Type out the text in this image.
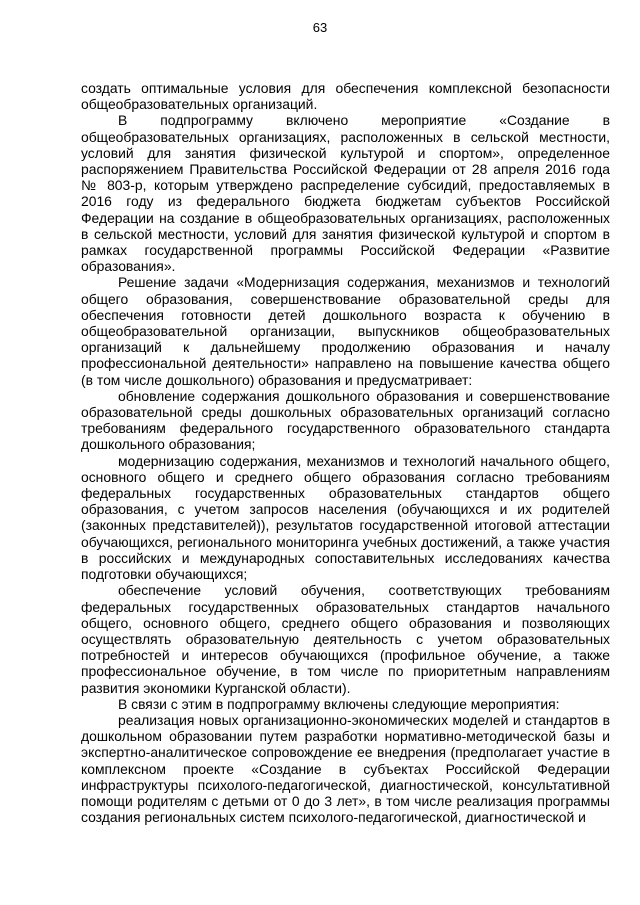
63

создать оптимальные условия для обеспечения комплексной безопасности общеобразовательных организаций.

В подпрограмму включено мероприятие «Создание в общеобразовательных организациях, расположенных в сельской местности, условий для занятия физической культурой и спортом», определенное распоряжением Правительства Российской Федерации от 28 апреля 2016 года № 803-р, которым утверждено распределение субсидий, предоставляемых в 2016 году из федерального бюджета бюджетам субъектов Российской Федерации на создание в общеобразовательных организациях, расположенных в сельской местности, условий для занятия физической культурой и спортом в рамках государственной программы Российской Федерации «Развитие образования».

Решение задачи «Модернизация содержания, механизмов и технологий общего образования, совершенствование образовательной среды для обеспечения готовности детей дошкольного возраста к обучению в общеобразовательной организации, выпускников общеобразовательных организаций к дальнейшему продолжению образования и началу профессиональной деятельности» направлено на повышение качества общего (в том числе дошкольного) образования и предусматривает:

обновление содержания дошкольного образования и совершенствование образовательной среды дошкольных образовательных организаций согласно требованиям федерального государственного образовательного стандарта дошкольного образования;

модернизацию содержания, механизмов и технологий начального общего, основного общего и среднего общего образования согласно требованиям федеральных государственных образовательных стандартов общего образования, с учетом запросов населения (обучающихся и их родителей (законных представителей)), результатов государственной итоговой аттестации обучающихся, регионального мониторинга учебных достижений, а также участия в российских и международных сопоставительных исследованиях качества подготовки обучающихся;

обеспечение условий обучения, соответствующих требованиям федеральных государственных образовательных стандартов начального общего, основного общего, среднего общего образования и позволяющих осуществлять образовательную деятельность с учетом образовательных потребностей и интересов обучающихся (профильное обучение, а также профессиональное обучение, в том числе по приоритетным направлениям развития экономики Курганской области).

В связи с этим в подпрограмму включены следующие мероприятия:

реализация новых организационно-экономических моделей и стандартов в дошкольном образовании путем разработки нормативно-методической базы и экспертно-аналитическое сопровождение ее внедрения (предполагает участие в комплексном проекте «Создание в субъектах Российской Федерации инфраструктуры психолого-педагогической, диагностической, консультативной помощи родителям с детьми от 0 до 3 лет», в том числе реализация программы создания региональных систем психолого-педагогической, диагностической и
